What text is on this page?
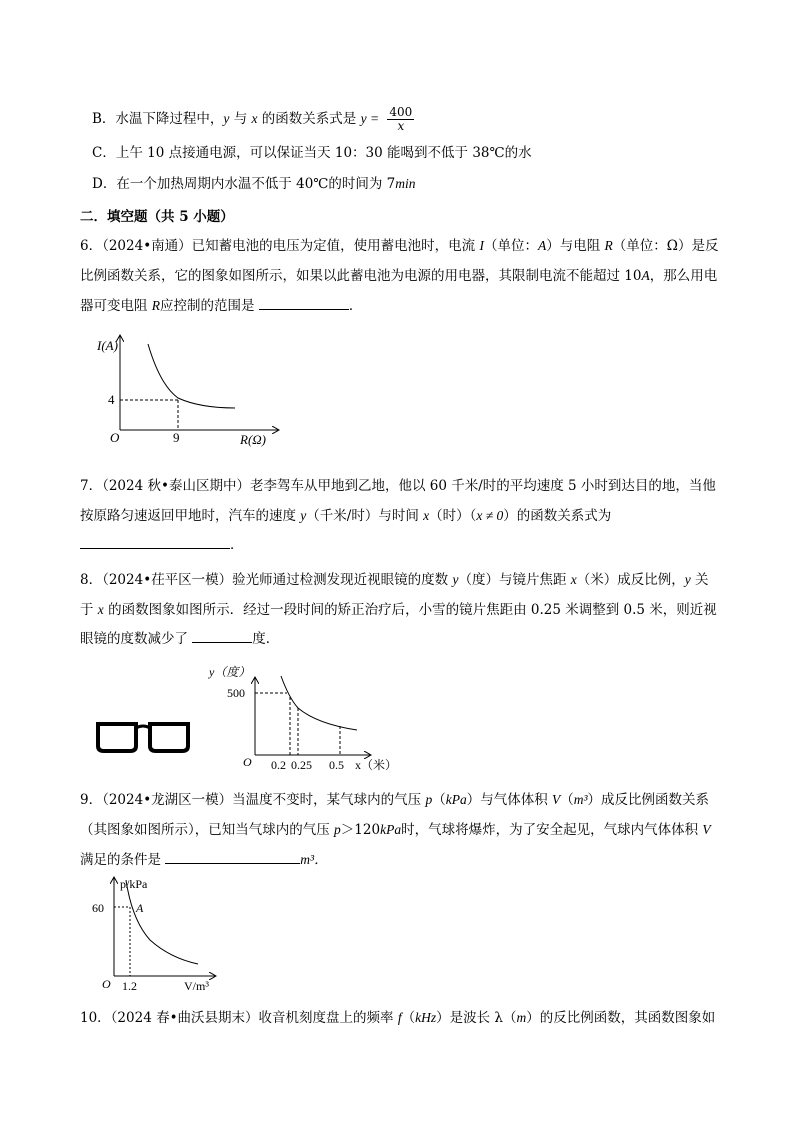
B．水温下降过程中，y 与 x 的函数关系式是 $y = \frac{400}{x}$
C．上午 10 点接通电源，可以保证当天 10：30 能喝到不低于 38℃的水
D．在一个加热周期内水温不低于 40℃的时间为 7min
二．填空题（共 5 小题）
6．（2024•南通）已知蓄电池的电压为定值，使用蓄电池时，电流 I（单位：A）与电阻 R（单位：Ω）是反比例函数关系，它的图象如图所示，如果以此蓄电池为电源的用电器，其限制电流不能超过 10A，那么用电器可变电阻 R应控制的范围是	．
I(A)
R(Ω)
O
4
9
7．（2024 秋•泰山区期中）老李驾车从甲地到乙地，他以 60 千米/时的平均速度 5 小时到达目的地，当他按原路匀速返回甲地时，汽车的速度 y（千米/时）与时间 x（时）（x ≠ 0）的函数关系式为 ．
8．（2024•茌平区一模）验光师通过检测发现近视眼镜的度数 y（度）与镜片焦距 x（米）成反比例，y 关于 x 的函数图象如图所示．经过一段时间的矫正治疗后，小雪的镜片焦距由 0.25 米调整到 0.5 米，则近视眼镜的度数减少了	度．
y（度）
x（米）
O
500
0.2 0.25 0.5
9．（2024•龙湖区一模）当温度不变时，某气球内的气压 p（kPa）与气体体积 V（m³）成反比例函数关系（其图象如图所示），已知当气球内的气压 p＞120kPa时，气球将爆炸，为了安全起见，气球内气体体积 V满足的条件是	m³．
p/kPa
V/m³
O
60
1.2
A
10．（2024 春•曲沃县期末）收音机刻度盘上的频率 f（kHz）是波长 λ（m）的反比例函数，其函数图象如
